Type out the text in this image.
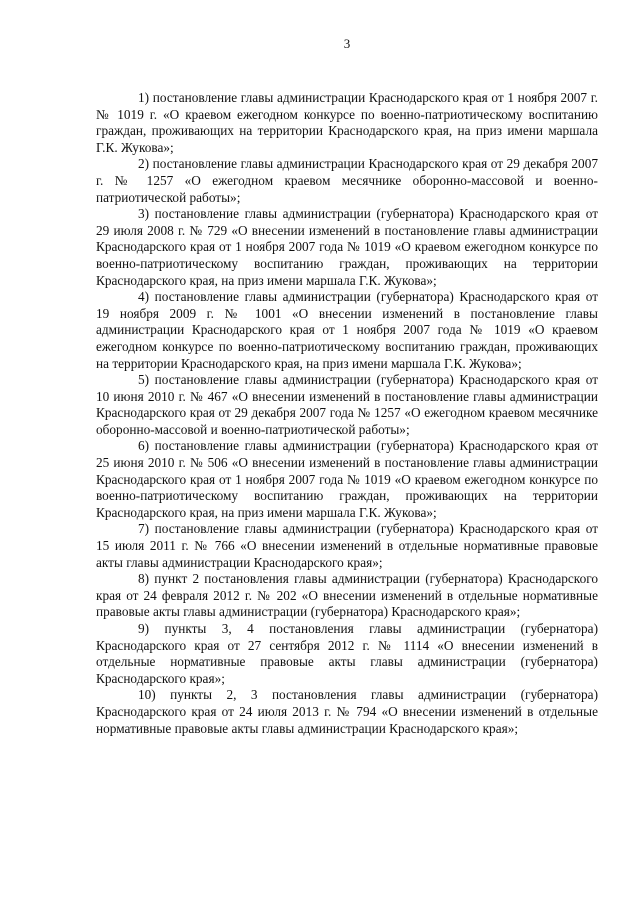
3

1) постановление главы администрации Краснодарского края от 1 ноября 2007 г. № 1019 г. «О краевом ежегодном конкурсе по военно-патриотическому воспитанию граждан, проживающих на территории Краснодарского края, на приз имени маршала Г.К. Жукова»;

2) постановление главы администрации Краснодарского края от 29 декабря 2007 г. № 1257 «О ежегодном краевом месячнике оборонно-массовой и военно-патриотической работы»;

3) постановление главы администрации (губернатора) Краснодарского края от 29 июля 2008 г. № 729 «О внесении изменений в постановление главы администрации Краснодарского края от 1 ноября 2007 года № 1019 «О краевом ежегодном конкурсе по военно-патриотическому воспитанию граждан, проживающих на территории Краснодарского края, на приз имени маршала Г.К. Жукова»;

4) постановление главы администрации (губернатора) Краснодарского края от 19 ноября 2009 г. № 1001 «О внесении изменений в постановление главы администрации Краснодарского края от 1 ноября 2007 года № 1019 «О краевом ежегодном конкурсе по военно-патриотическому воспитанию граждан, проживающих на территории Краснодарского края, на приз имени маршала Г.К. Жукова»;

5) постановление главы администрации (губернатора) Краснодарского края от 10 июня 2010 г. № 467 «О внесении изменений в постановление главы администрации Краснодарского края от 29 декабря 2007 года № 1257 «О ежегодном краевом месячнике оборонно-массовой и военно-патриотической работы»;

6) постановление главы администрации (губернатора) Краснодарского края от 25 июня 2010 г. № 506 «О внесении изменений в постановление главы администрации Краснодарского края от 1 ноября 2007 года № 1019 «О краевом ежегодном конкурсе по военно-патриотическому воспитанию граждан, проживающих на территории Краснодарского края, на приз имени маршала Г.К. Жукова»;

7) постановление главы администрации (губернатора) Краснодарского края от 15 июля 2011 г. № 766 «О внесении изменений в отдельные нормативные правовые акты главы администрации Краснодарского края»;

8) пункт 2 постановления главы администрации (губернатора) Краснодарского края от 24 февраля 2012 г. № 202 «О внесении изменений в отдельные нормативные правовые акты главы администрации (губернатора) Краснодарского края»;

9) пункты 3, 4 постановления главы администрации (губернатора) Краснодарского края от 27 сентября 2012 г. № 1114 «О внесении изменений в отдельные нормативные правовые акты главы администрации (губернатора) Краснодарского края»;

10) пункты 2, 3 постановления главы администрации (губернатора) Краснодарского края от 24 июля 2013 г. № 794 «О внесении изменений в отдельные нормативные правовые акты главы администрации Краснодарского края»;
